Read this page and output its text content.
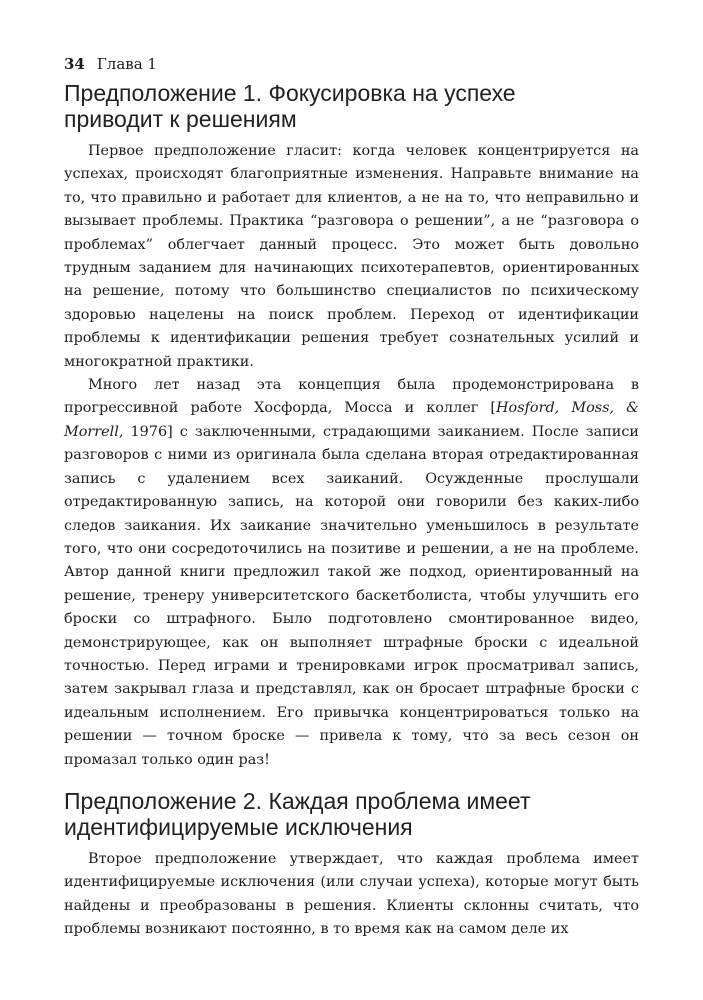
34 Глава 1
Предположение 1. Фокусировка на успехе
приводит к решениям

Первое предположение гласит: когда человек концентрируется на успехах, происходят благоприятные изменения. Направьте внимание на то, что правильно и работает для клиентов, а не на то, что неправильно и вызывает проблемы. Практика “разговора о решении”, а не “разговора о проблемах” облегчает данный процесс. Это может быть довольно трудным заданием для начинающих психотерапевтов, ориентированных на решение, потому что большинство специалистов по психическому здоровью нацелены на поиск проблем. Переход от идентификации проблемы к идентификации решения требует сознательных усилий и многократной практики.

Много лет назад эта концепция была продемонстрирована в прогрессивной работе Хосфорда, Мосса и коллег [Hosford, Moss, & Morrell, 1976] с заключенными, страдающими заиканием. После записи разговоров с ними из оригинала была сделана вторая отредактированная запись с удалением всех заиканий. Осужденные прослушали отредактированную запись, на которой они говорили без каких-либо следов заикания. Их заикание значительно уменьшилось в результате того, что они сосредоточились на позитиве и решении, а не на проблеме. Автор данной книги предложил такой же подход, ориентированный на решение, тренеру университетского баскетболиста, чтобы улучшить его броски со штрафного. Было подготовлено смонтированное видео, демонстрирующее, как он выполняет штрафные броски с идеальной точностью. Перед играми и тренировками игрок просматривал запись, затем закрывал глаза и представлял, как он бросает штрафные броски с идеальным исполнением. Его привычка концентрироваться только на решении — точном броске — привела к тому, что за весь сезон он промазал только один раз!

Предположение 2. Каждая проблема имеет
идентифицируемые исключения

Второе предположение утверждает, что каждая проблема имеет идентифицируемые исключения (или случаи успеха), которые могут быть найдены и преобразованы в решения. Клиенты склонны считать, что проблемы возникают постоянно, в то время как на самом деле их
